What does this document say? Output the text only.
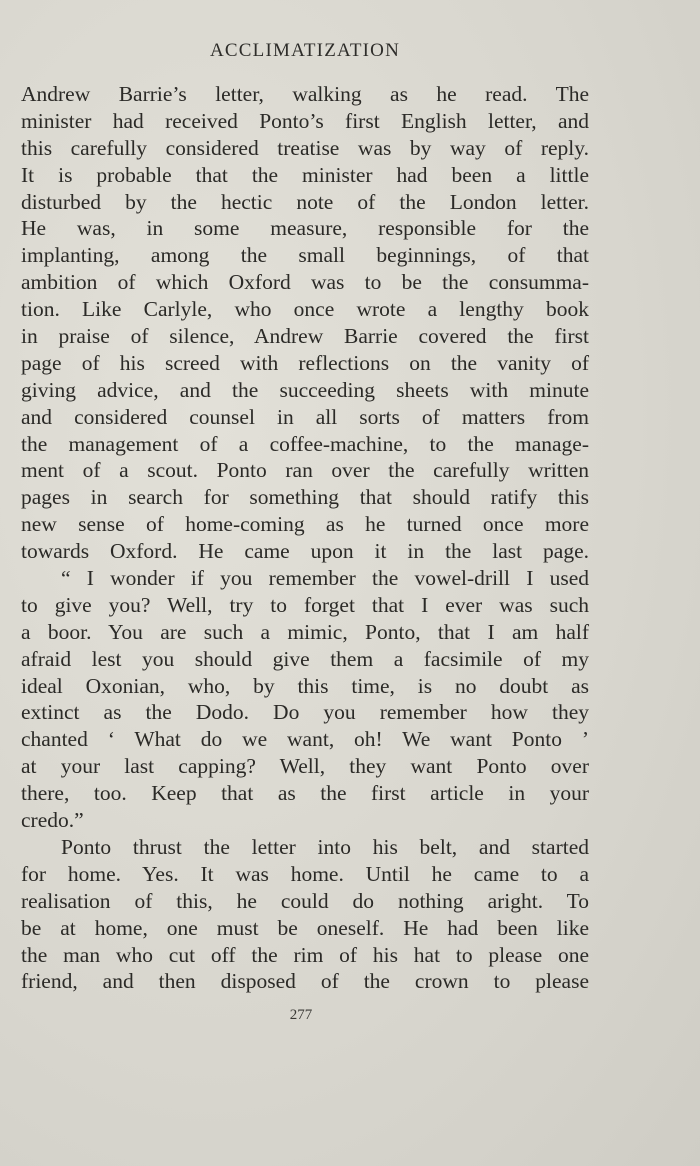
ACCLIMATIZATION
Andrew Barrie’s letter, walking as he read. The
minister had received Ponto’s first English letter, and
this carefully considered treatise was by way of reply.
It is probable that the minister had been a little
disturbed by the hectic note of the London letter.
He was, in some measure, responsible for the
implanting, among the small beginnings, of that
ambition of which Oxford was to be the consumma-
tion. Like Carlyle, who once wrote a lengthy book
in praise of silence, Andrew Barrie covered the first
page of his screed with reflections on the vanity of
giving advice, and the succeeding sheets with minute
and considered counsel in all sorts of matters from
the management of a coffee-machine, to the manage-
ment of a scout. Ponto ran over the carefully written
pages in search for something that should ratify this
new sense of home-coming as he turned once more
towards Oxford. He came upon it in the last page.
“ I wonder if you remember the vowel-drill I used
to give you? Well, try to forget that I ever was such
a boor. You are such a mimic, Ponto, that I am half
afraid lest you should give them a facsimile of my
ideal Oxonian, who, by this time, is no doubt as
extinct as the Dodo. Do you remember how they
chanted ‘ What do we want, oh! We want Ponto ’
at your last capping? Well, they want Ponto over
there, too. Keep that as the first article in your
credo.”
Ponto thrust the letter into his belt, and started
for home. Yes. It was home. Until he came to a
realisation of this, he could do nothing aright. To
be at home, one must be oneself. He had been like
the man who cut off the rim of his hat to please one
friend, and then disposed of the crown to please
277
